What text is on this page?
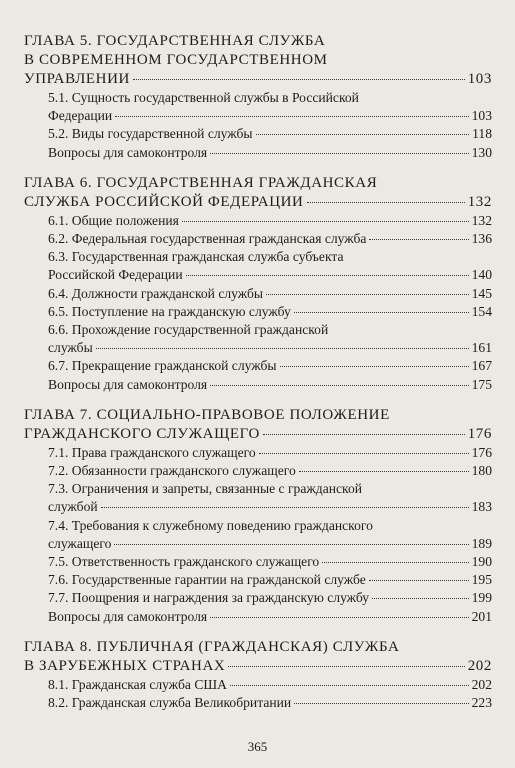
ГЛАВА 5. ГОСУДАРСТВЕННАЯ СЛУЖБА
В СОВРЕМЕННОМ ГОСУДАРСТВЕННОМ
УПРАВЛЕНИИ	103
5.1. Сущность государственной службы в Российской
Федерации	103
5.2. Виды государственной службы	118
Вопросы для самоконтроля	130
ГЛАВА 6. ГОСУДАРСТВЕННАЯ ГРАЖДАНСКАЯ
СЛУЖБА РОССИЙСКОЙ ФЕДЕРАЦИИ	132
6.1. Общие положения	132
6.2. Федеральная государственная гражданская служба	136
6.3. Государственная гражданская служба субъекта
Российской Федерации	140
6.4. Должности гражданской службы	145
6.5. Поступление на гражданскую службу	154
6.6. Прохождение государственной гражданской
службы	161
6.7. Прекращение гражданской службы	167
Вопросы для самоконтроля	175
ГЛАВА 7. СОЦИАЛЬНО-ПРАВОВОЕ ПОЛОЖЕНИЕ
ГРАЖДАНСКОГО СЛУЖАЩЕГО	176
7.1. Права гражданского служащего	176
7.2. Обязанности гражданского служащего	180
7.3. Ограничения и запреты, связанные с гражданской
службой	183
7.4. Требования к служебному поведению гражданского
служащего	189
7.5. Ответственность гражданского служащего	190
7.6. Государственные гарантии на гражданской службе	195
7.7. Поощрения и награждения за гражданскую службу	199
Вопросы для самоконтроля	201
ГЛАВА 8. ПУБЛИЧНАЯ (ГРАЖДАНСКАЯ) СЛУЖБА
В ЗАРУБЕЖНЫХ СТРАНАХ	202
8.1. Гражданская служба США	202
8.2. Гражданская служба Великобритании	223
365
